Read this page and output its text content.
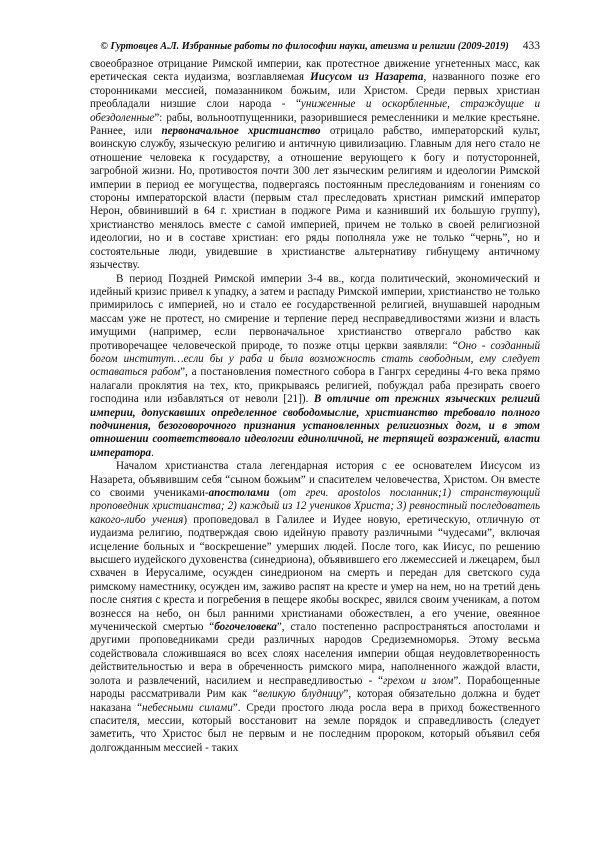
© Гуртовцев А.Л. Избранные работы по философии науки, атеизма и религии (2009-2019) 433

своеобразное отрицание Римской империи, как протестное движение угнетенных масс, как еретическая секта иудаизма, возглавляемая Иисусом из Назарета, названного позже его сторонниками мессией, помазанником божьим, или Христом. Среди первых христиан преобладали низшие слои народа - “униженные и оскорбленные, страждущие и обездоленные”: рабы, вольноотпущенники, разорившиеся ремесленники и мелкие крестьяне. Раннее, или первоначальное христианство отрицало рабство, императорский культ, воинскую службу, языческую религию и античную цивилизацию. Главным для него стало не отношение человека к государству, а отношение верующего к богу и потусторонней, загробной жизни. Но, противостоя почти 300 лет языческим религиям и идеологии Римской империи в период ее могущества, подвергаясь постоянным преследованиям и гонениям со стороны императорской власти (первым стал преследовать христиан римский император Нерон, обвинивший в 64 г. христиан в поджоге Рима и казнивший их большую группу), христианство менялось вместе с самой империей, причем не только в своей религиозной идеологии, но и в составе христиан: его ряды пополняла уже не только “чернь”, но и состоятельные люди, увидевшие в христианстве альтернативу гибнущему античному язычеству.

В период Поздней Римской империи 3-4 вв., когда политический, экономический и идейный кризис привел к упадку, а затем и распаду Римской империи, христианство не только примирилось с империей, но и стало ее государственной религией, внушавшей народным массам уже не протест, но смирение и терпение перед несправедливостями жизни и власть имущими (например, если первоначальное христианство отвергало рабство как противоречащее человеческой природе, то позже отцы церкви заявляли: “Оно - созданный богом институт…если бы у раба и была возможность стать свободным, ему следует оставаться рабом”, а постановления поместного собора в Гангрх середины 4-го века прямо налагали проклятия на тех, кто, прикрываясь религией, побуждал раба презирать своего господина или избавляться от неволи [21]). В отличие от прежних языческих религий империи, допускавших определенное свободомыслие, христианство требовало полного подчинения, безоговорочного признания установленных религиозных догм, и в этом отношении соответствовало идеологии единоличной, не терпящей возражений, власти императора.

Началом христианства стала легендарная история с ее основателем Иисусом из Назарета, объявившим себя “сыном божьим” и спасителем человечества, Христом. Он вместе со своими учениками-апостолами (от греч. apostolos посланник;1) странствующий проповедник христианства; 2) каждый из 12 учеников Христа; 3) ревностный последователь какого-либо учения) проповедовал в Галилее и Иудее новую, еретическую, отличную от иудаизма религию, подтверждая свою идейную правоту различными “чудесами”, включая исцеление больных и “воскрешение” умерших людей. После того, как Иисус, по решению высшего иудейского духовенства (синедриона), объявившего его лжемессией и лжецарем, был схвачен в Иерусалиме, осужден синедрионом на смерть и передан для светского суда римскому наместнику, осужден им, заживо распят на кресте и умер на нем, но на третий день после снятия с креста и погребения в пещере якобы воскрес, явился своим ученикам, а потом вознесся на небо, он был ранними христианами обожествлен, а его учение, овеянное мученической смертью “богочеловека”, стало постепенно распространяться апостолами и другими проповедниками среди различных народов Средиземноморья. Этому весьма содействовала сложившаяся во всех слоях населения империи общая неудовлетворенность действительностью и вера в обреченность римского мира, наполненного жаждой власти, золота и развлечений, насилием и несправедливостью - “грехом и злом”. Порабощенные народы рассматривали Рим как “великую блудницу”, которая обязательно должна и будет наказана “небесными силами”. Среди простого люда росла вера в приход божественного спасителя, мессии, который восстановит на земле порядок и справедливость (следует заметить, что Христос был не первым и не последним пророком, который объявил себя долгожданным мессией - таких
